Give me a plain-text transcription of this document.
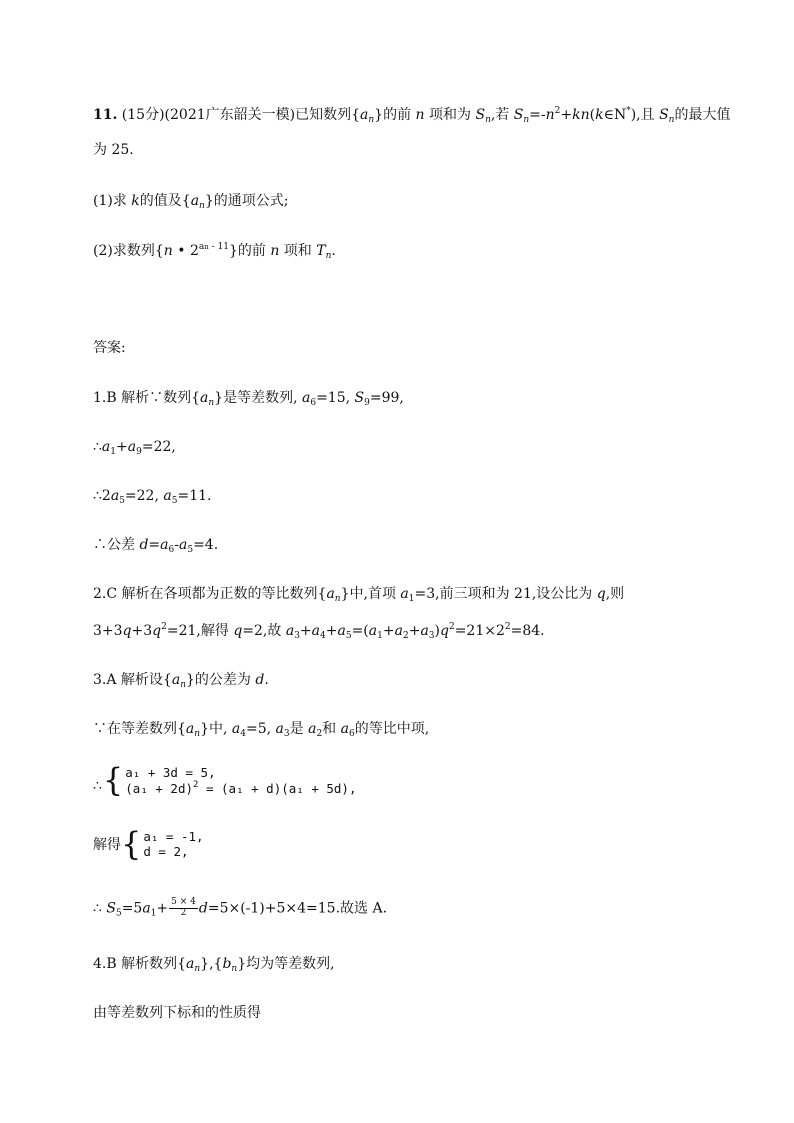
11. (15分)(2021广东韶关一模)已知数列$\{a_n\}$的前 n 项和为 $S_n$,若 $S_n=-n^2+kn(k\in N^*)$,且 $S_n$的最大值
为 25.
(1)求 k的值及$\{a_n\}$的通项公式;
(2)求数列{n • $2^{an - 11}$}的前 n 项和 $T_n$.
答案:
1.B 解析∵数列$\{a_n\}$是等差数列, $a_6=15$, $S_9=99$,
$\therefore a_1+a_9=22$,
$\therefore 2a_5=22$, $a_5=11$.
∴公差 $d=a_6-a_5=4$.
2.C 解析在各项都为正数的等比数列$\{a_n\}$中,首项 $a_1=3$,前三项和为 21,设公比为 q,则
$3+3q+3q^2=21$,解得 q=2,故 $a_3+a_4+a_5=(a_1+a_2+a_3)q^2=21\times 2^2=84$.
3.A 解析设$\{a_n\}$的公差为 d.
∵在等差数列$\{a_n\}$中, $a_4=5$, $a_3$是 $a_2$和 $a_6$的等比中项,
∴ { a₁ + 3d = 5,
$(a_1 + 2d)^2 = (a_1 + d)(a_1 + 5d)$,
解得 { a₁ = -1,
d = 2,
∴ $S_5=5a_1+ \frac{5 \times 4}{2} d=5\times(-1)+5\times 4=15$.故选 A.
4.B 解析数列$\{a_n\},\{b_n\}$均为等差数列,
由等差数列下标和的性质得
